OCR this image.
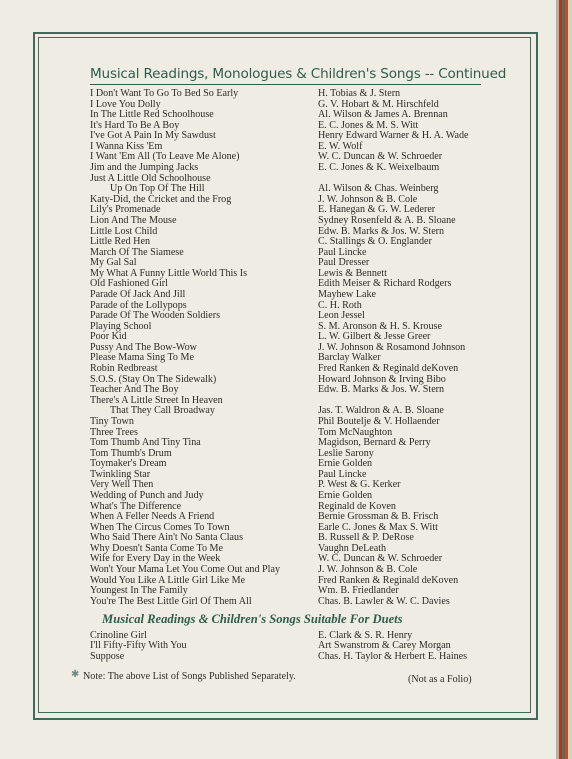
Musical Readings, Monologues & Children's Songs -- Continued
I Don't Want To Go To Bed So Early	H. Tobias & J. Stern
I Love You Dolly	G. V. Hobart & M. Hirschfeld
In The Little Red Schoolhouse	Al. Wilson & James A. Brennan
It's Hard To Be A Boy	E. C. Jones & M. S. Witt
I've Got A Pain In My Sawdust	Henry Edward Warner & H. A. Wade
I Wanna Kiss 'Em	E. W. Wolf
I Want 'Em All (To Leave Me Alone)	W. C. Duncan & W. Schroeder
Jim and the Jumping Jacks	E. C. Jones & K. Weixelbaum
Just A Little Old Schoolhouse
Up On Top Of The Hill	Al. Wilson & Chas. Weinberg
Katy-Did, the Cricket and the Frog	J. W. Johnson & B. Cole
Lily's Promenade	E. Hanegan & G. W. Lederer
Lion And The Mouse	Sydney Rosenfeld & A. B. Sloane
Little Lost Child	Edw. B. Marks & Jos. W. Stern
Little Red Hen	C. Stallings & O. Englander
March Of The Siamese	Paul Lincke
My Gal Sal	Paul Dresser
My What A Funny Little World This Is	Lewis & Bennett
Old Fashioned Girl	Edith Meiser & Richard Rodgers
Parade Of Jack And Jill	Mayhew Lake
Parade of the Lollypops	C. H. Roth
Parade Of The Wooden Soldiers	Leon Jessel
Playing School	S. M. Aronson & H. S. Krouse
Poor Kid	L. W. Gilbert & Jesse Greer
Pussy And The Bow-Wow	J. W. Johnson & Rosamond Johnson
Please Mama Sing To Me	Barclay Walker
Robin Redbreast	Fred Ranken & Reginald deKoven
S.O.S. (Stay On The Sidewalk)	Howard Johnson & Irving Bibo
Teacher And The Boy	Edw. B. Marks & Jos. W. Stern
There's A Little Street In Heaven
That They Call Broadway	Jas. T. Waldron & A. B. Sloane
Tiny Town	Phil Boutelje & V. Hollaender
Three Trees	Tom McNaughton
Tom Thumb And Tiny Tina	Magidson, Bernard & Perry
Tom Thumb's Drum	Leslie Sarony
Toymaker's Dream	Ernie Golden
Twinkling Star	Paul Lincke
Very Well Then	P. West & G. Kerker
Wedding of Punch and Judy	Ernie Golden
What's The Difference	Reginald de Koven
When A Feller Needs A Friend	Bernie Grossman & B. Frisch
When The Circus Comes To Town	Earle C. Jones & Max S. Witt
Who Said There Ain't No Santa Claus	B. Russell & P. DeRose
Why Doesn't Santa Come To Me	Vaughn DeLeath
Wife for Every Day in the Week	W. C. Duncan & W. Schroeder
Won't Your Mama Let You Come Out and Play	J. W. Johnson & B. Cole
Would You Like A Little Girl Like Me	Fred Ranken & Reginald deKoven
Youngest In The Family	Wm. B. Friedlander
You're The Best Little Girl Of Them All	Chas. B. Lawler & W. C. Davies
Musical Readings & Children's Songs Suitable For Duets
Crinoline Girl	E. Clark & S. R. Henry
I'll Fifty-Fifty With You	Art Swanstrom & Carey Morgan
Suppose	Chas. H. Taylor & Herbert E. Haines
✱ Note: The above List of Songs Published Separately.	(Not as a Folio)
